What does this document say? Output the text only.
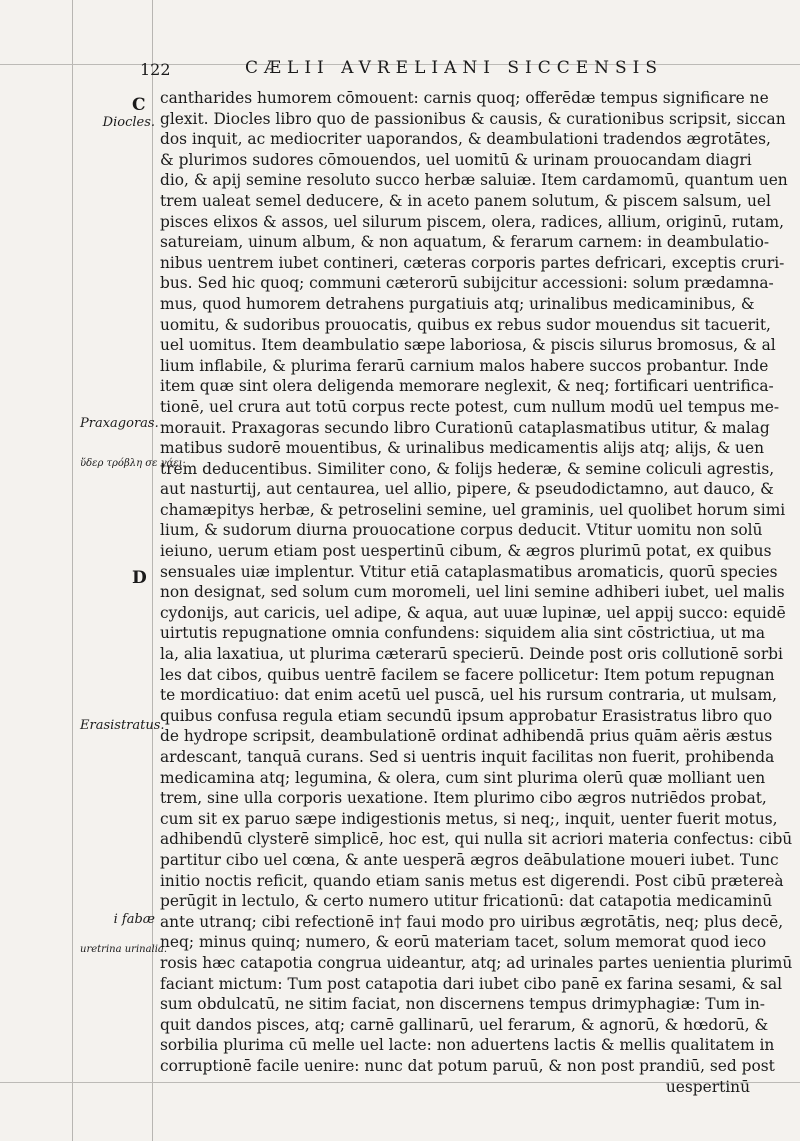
122	CÆLII AVRELIANI SICCENSIS
C
Diocles.
Praxagoras.
ὕδερ τρόβλη σε γάει·
D
Erasistratus.
i fabæ
uretrina urinalia.
cantharides humorem cōmouent: carnis quoq; offerēdæ tempus significare ne
glexit. Diocles libro quo de passionibus & causis, & curationibus scripsit, siccan
dos inquit, ac mediocriter uaporandos, & deambulationi tradendos ægrotātes,
& plurimos sudores cōmouendos, uel uomitū & urinam prouocandam diagri
dio, & apij semine resoluto succo herbæ saluiæ. Item cardamomū, quantum uen
trem ualeat semel deducere, & in aceto panem solutum, & piscem salsum, uel
pisces elixos & assos, uel silurum piscem, olera, radices, allium, originū, rutam,
satureiam, uinum album, & non aquatum, & ferarum carnem: in deambulatio-
nibus uentrem iubet contineri, cæteras corporis partes defricari, exceptis cruri-
bus. Sed hic quoq; communi cæterorū subijcitur accessioni: solum prædamna-
mus, quod humorem detrahens purgatiuis atq; urinalibus medicaminibus, &
uomitu, & sudoribus prouocatis, quibus ex rebus sudor mouendus sit tacuerit,
uel uomitus. Item deambulatio sæpe laboriosa, & piscis silurus bromosus, & al
lium inflabile, & plurima ferarū carnium malos habere succos probantur. Inde
item quæ sint olera deligenda memorare neglexit, & neq; fortificari uentrifica-
tionē, uel crura aut totū corpus recte potest, cum nullum modū uel tempus me-
morauit. Praxagoras secundo libro Curationū cataplasmatibus utitur, & malag
matibus sudorē mouentibus, & urinalibus medicamentis alijs atq; alijs, & uen
trem deducentibus. Similiter cono, & folijs hederæ, & semine coliculi agrestis,
aut nasturtij, aut centaurea, uel allio, pipere, & pseudodictamno, aut dauco, &
chamæpitys herbæ, & petroselini semine, uel graminis, uel quolibet horum simi
lium, & sudorum diurna prouocatione corpus deducit. Vtitur uomitu non solū
ieiuno, uerum etiam post uespertinū cibum, & ægros plurimū potat, ex quibus
sensuales uiæ implentur. Vtitur etiā cataplasmatibus aromaticis, quorū species
non designat, sed solum cum moromeli, uel lini semine adhiberi iubet, uel malis
cydonijs, aut caricis, uel adipe, & aqua, aut uuæ lupinæ, uel appij succo: equidē
uirtutis repugnatione omnia confundens: siquidem alia sint cōstrictiua, ut ma
la, alia laxatiua, ut plurima cæterarū specierū. Deinde post oris collutionē sorbi
les dat cibos, quibus uentrē facilem se facere pollicetur: Item potum repugnan
te mordicatiuo: dat enim acetū uel puscā, uel his rursum contraria, ut mulsam,
quibus confusa regula etiam secundū ipsum approbatur Erasistratus libro quo
de hydrope scripsit, deambulationē ordinat adhibendā prius quām aëris æstus
ardescant, tanquā curans. Sed si uentris inquit facilitas non fuerit, prohibenda
medicamina atq; legumina, & olera, cum sint plurima olerū quæ molliant uen
trem, sine ulla corporis uexatione. Item plurimo cibo ægros nutriēdos probat,
cum sit ex paruo sæpe indigestionis metus, si neq;, inquit, uenter fuerit motus,
adhibendū clysterē simplicē, hoc est, qui nulla sit acriori materia confectus: cibū
partitur cibo uel cœna, & ante uesperā ægros deābulatione moueri iubet. Tunc
initio noctis reficit, quando etiam sanis metus est digerendi. Post cibū prætereà
perūgit in lectulo, & certo numero utitur fricationū: dat catapotia medicaminū
ante utranq; cibi refectionē in† faui modo pro uiribus ægrotātis, neq; plus decē,
neq; minus quinq; numero, & eorū materiam tacet, solum memorat quod ieco
rosis hæc catapotia congrua uideantur, atq; ad urinales partes uenientia plurimū
faciant mictum: Tum post catapotia dari iubet cibo panē ex farina sesami, & sal
sum obdulcatū, ne sitim faciat, non discernens tempus drimyphagiæ: Tum in-
quit dandos pisces, atq; carnē gallinarū, uel ferarum, & agnorū, & hœdorū, &
sorbilia plurima cū melle uel lacte: non aduertens lactis & mellis qualitatem in
corruptionē facile uenire: nunc dat potum paruū, & non post prandiū, sed post
uespertinū
